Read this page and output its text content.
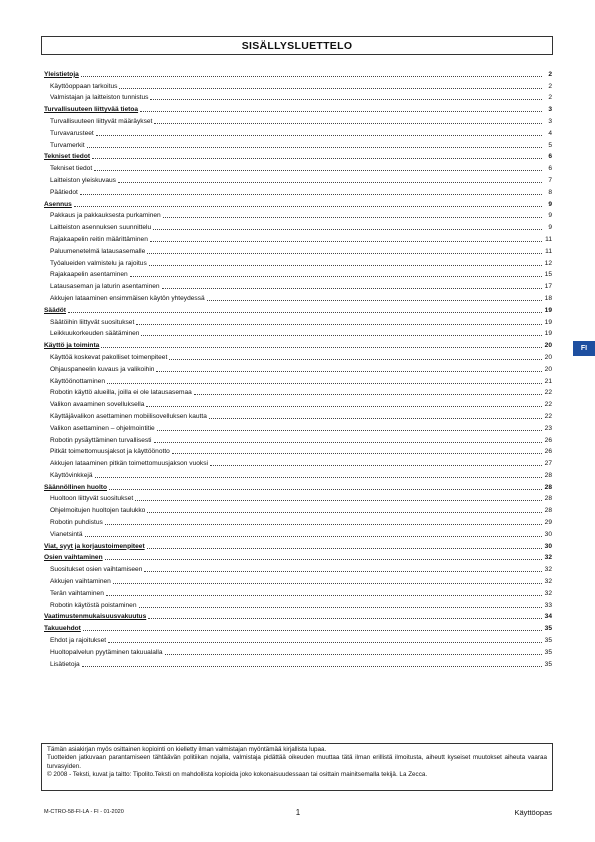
SISÄLLYSLUETTELO
Yleistietoja	2
Käyttöoppaan tarkoitus	2
Valmistajan ja laitteiston tunnistus	2
Turvallisuuteen liittyvää tietoa	3
Turvallisuuteen liittyvät määräykset	3
Turvavarusteet	4
Turvamerkit	5
Tekniset tiedot	6
Tekniset tiedot	6
Laitteiston yleiskuvaus	7
Päätiedot	8
Asennus	9
Pakkaus ja pakkauksesta purkaminen	9
Laitteiston asennuksen suunnittelu	9
Rajakaapelin reitin määrittäminen	11
Paluumenetelmä latausasemalle	11
Työalueiden valmistelu ja rajoitus	12
Rajakaapelin asentaminen	15
Latausaseman ja laturin asentaminen	17
Akkujen lataaminen ensimmäisen käytön yhteydessä	18
Säädöt	19
Säätöihin liittyvät suositukset	19
Leikkuukorkeuden säätäminen	19
Käyttö ja toiminta	20
Käyttöä koskevat pakolliset toimenpiteet	20
Ohjauspaneelin kuvaus ja valikoihin	20
Käyttöönottaminen	21
Robotin käyttö alueilla, joilla ei ole latausasemaa	22
Valikon avaaminen sovelluksella	22
Käyttäjävalikon asettaminen mobiilisovelluksen kautta	22
Valikon asettaminen – ohjelmointitie	23
Robotin pysäyttäminen turvallisesti	26
Pitkät toimettomuusjaksot ja käyttöönotto	26
Akkujen lataaminen pitkän toimettomuusjakson vuoksi	27
Käyttövinkkejä	28
Säännöllinen huolto	28
Huoltoon liittyvät suositukset	28
Ohjelmoitujen huoltojen taulukko	28
Robotin puhdistus	29
Vianetsintä	30
Viat, syyt ja korjaustoimenpiteet	30
Osien vaihtaminen	32
Suositukset osien vaihtamiseen	32
Akkujen vaihtaminen	32
Terän vaihtaminen	32
Robotin käytöstä poistaminen	33
Vaatimustenmukaisuusvakuutus	34
Takuuehdot	35
Ehdot ja rajoitukset	35
Huoltopalvelun pyytäminen takuualalla	35
Lisätietoja	35
FI

Tämän asiakirjan myös osittainen kopiointi on kielletty ilman valmistajan myöntämää kirjallista lupaa.

Tuotteiden jatkuvaan parantamiseen tähtäävän politiikan nojalla, valmistaja pidättää oikeuden muuttaa tätä ilman erillistä ilmoitusta, aiheutt kyseiset muutokset aiheuta vaaraa turvasyiden.

© 2008 - Teksti, kuvat ja taitto: Tipolito.Teksti on mahdollista kopioida joko kokonaisuudessaan tai osittain mainitsemalla tekijä. La Zecca.

M-CTRO-58-FI-LA - FI - 01-2020	1	Käyttöopas
